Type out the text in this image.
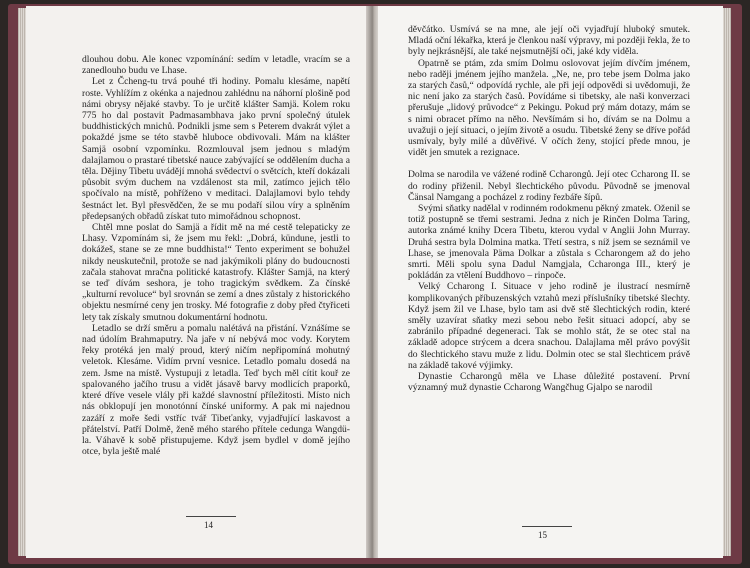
dlouhou dobu. Ale konec vzpomínání: sedím v letadle, vracím se a zanedlouho budu ve Lhase.

Let z Čcheng-tu trvá pouhé tři hodiny. Pomalu klesáme, napětí roste. Vyhlížím z okénka a najednou zahlédnu na náhorní plošině pod námi obrysy nějaké stavby. To je určitě klášter Samjä. Kolem roku 775 ho dal postavit Padmasambhava jako první společný útulek buddhistických mnichů. Podnikli jsme sem s Peterem dvakrát výlet a pokaždé jsme se této stavbě hluboce obdivovali. Mám na klášter Samjä osobní vzpomínku. Rozmlouval jsem jednou s mladým dalajlamou o prastaré tibetské nauce zabývající se oddělením ducha a těla. Dějiny Tibetu uvádějí mnohá svědectví o světcích, kteří dokázali působit svým duchem na vzdálenost sta mil, zatímco jejich tělo spočívalo na místě, pohříženo v meditaci. Dalajlamovi bylo tehdy šestnáct let. Byl přesvědčen, že se mu podaří silou víry a splněním předepsaných obřadů získat tuto mimořádnou schopnost.

Chtěl mne poslat do Samjä a řídit mě na mé cestě telepaticky ze Lhasy. Vzpomínám si, že jsem mu řekl: „Dobrá, kündune, jestli to dokážeš, stane se ze mne buddhista!“ Tento experiment se bohužel nikdy neuskutečnil, protože se nad jakýmikoli plány do budoucnosti začala stahovat mračna politické katastrofy. Klášter Samjä, na který se teď dívám seshora, je toho tragickým svědkem. Za čínské „kulturní revoluce“ byl srovnán se zemí a dnes zůstaly z historického objektu nesmírné ceny jen trosky. Mé fotografie z doby před čtyřiceti lety tak získaly smutnou dokumentární hodnotu.

Letadlo se drží směru a pomalu nalétává na přistání. Vznášíme se nad údolím Brahmaputry. Na jaře v ní nebývá moc vody. Korytem řeky protéká jen malý proud, který ničím nepřipomíná mohutný veletok. Klesáme. Vidím první vesnice. Letadlo pomalu dosedá na zem. Jsme na místě. Vystupuji z letadla. Teď bych měl cítit kouř ze spalovaného jačího trusu a vidět jásavě barvy modlicích praporků, které dříve vesele vlály při každé slavnostní příležitosti. Místo nich nás obklopují jen monotónní čínské uniformy. A pak mi najednou zazáří z moře šedi vstříc tvář Tibeťanky, vyjadřující laskavost a přátelství. Patří Dolmě, ženě mého starého přítele cedunga Wangdü-la. Váhavě k sobě přistupujeme. Když jsem bydlel v domě jejího otce, byla ještě malé

14

děvčátko. Usmívá se na mne, ale její oči vyjadřují hluboký smutek. Mladá oční lékařka, která je členkou naší výpravy, mi později řekla, že to byly nejkrásnější, ale také nejsmutnější oči, jaké kdy viděla.

Opatrně se ptám, zda smím Dolmu oslovovat jejím dívčím jménem, nebo raději jménem jejího manžela. „Ne, ne, pro tebe jsem Dolma jako za starých časů,“ odpovídá rychle, ale při její odpovědi si uvědomuji, že nic není jako za starých časů. Povídáme si tibetsky, ale naši konverzaci přerušuje „lidový průvodce“ z Pekingu. Pokud prý mám dotazy, mám se s nimi obracet přímo na něho. Nevšímám si ho, dívám se na Dolmu a uvažuji o její situaci, o jejím životě a osudu. Tibetské ženy se dříve pořád usmívaly, byly milé a důvěřivé. V očích ženy, stojící přede mnou, je vidět jen smutek a rezignace.

Dolma se narodila ve vážené rodině Ccharongů. Její otec Ccharong II. se do rodiny přiženil. Nebyl šlechtického původu. Původně se jmenoval Čänsal Namgang a pocházel z rodiny řezbáře šípů.

Svými sňatky nadělal v rodinném rodokmenu pěkný zmatek. Oženil se totiž postupně se třemi sestrami. Jedna z nich je Rinčen Dolma Taring, autorka známé knihy Dcera Tibetu, kterou vydal v Anglii John Murray. Druhá sestra byla Dolmina matka. Třetí sestra, s níž jsem se seznámil ve Lhase, se jmenovala Päma Dolkar a zůstala s Ccharongem až do jeho smrti. Měli spolu syna Dadul Namgjala, Ccharonga III., který je pokládán za vtělení Buddhovo – rinpoče.

Velký Ccharong I. Situace v jeho rodině je ilustrací nesmírně komplikovaných příbuzenských vztahů mezi příslušníky tibetské šlechty. Když jsem žil ve Lhase, bylo tam asi dvě stě šlechtických rodin, které směly uzavírat sňatky mezi sebou nebo řešit situaci adopcí, aby se zabránilo případné degeneraci. Tak se mohlo stát, že se otec stal na základě adopce strýcem a dcera snachou. Dalajlama měl právo povýšit do šlechtického stavu muže z lidu. Dolmin otec se stal šlechticem právě na základě takové výjimky.

Dynastie Ccharongů měla ve Lhase důležité postavení. První významný muž dynastie Ccharong Wangčhug Gjalpo se narodil

15
